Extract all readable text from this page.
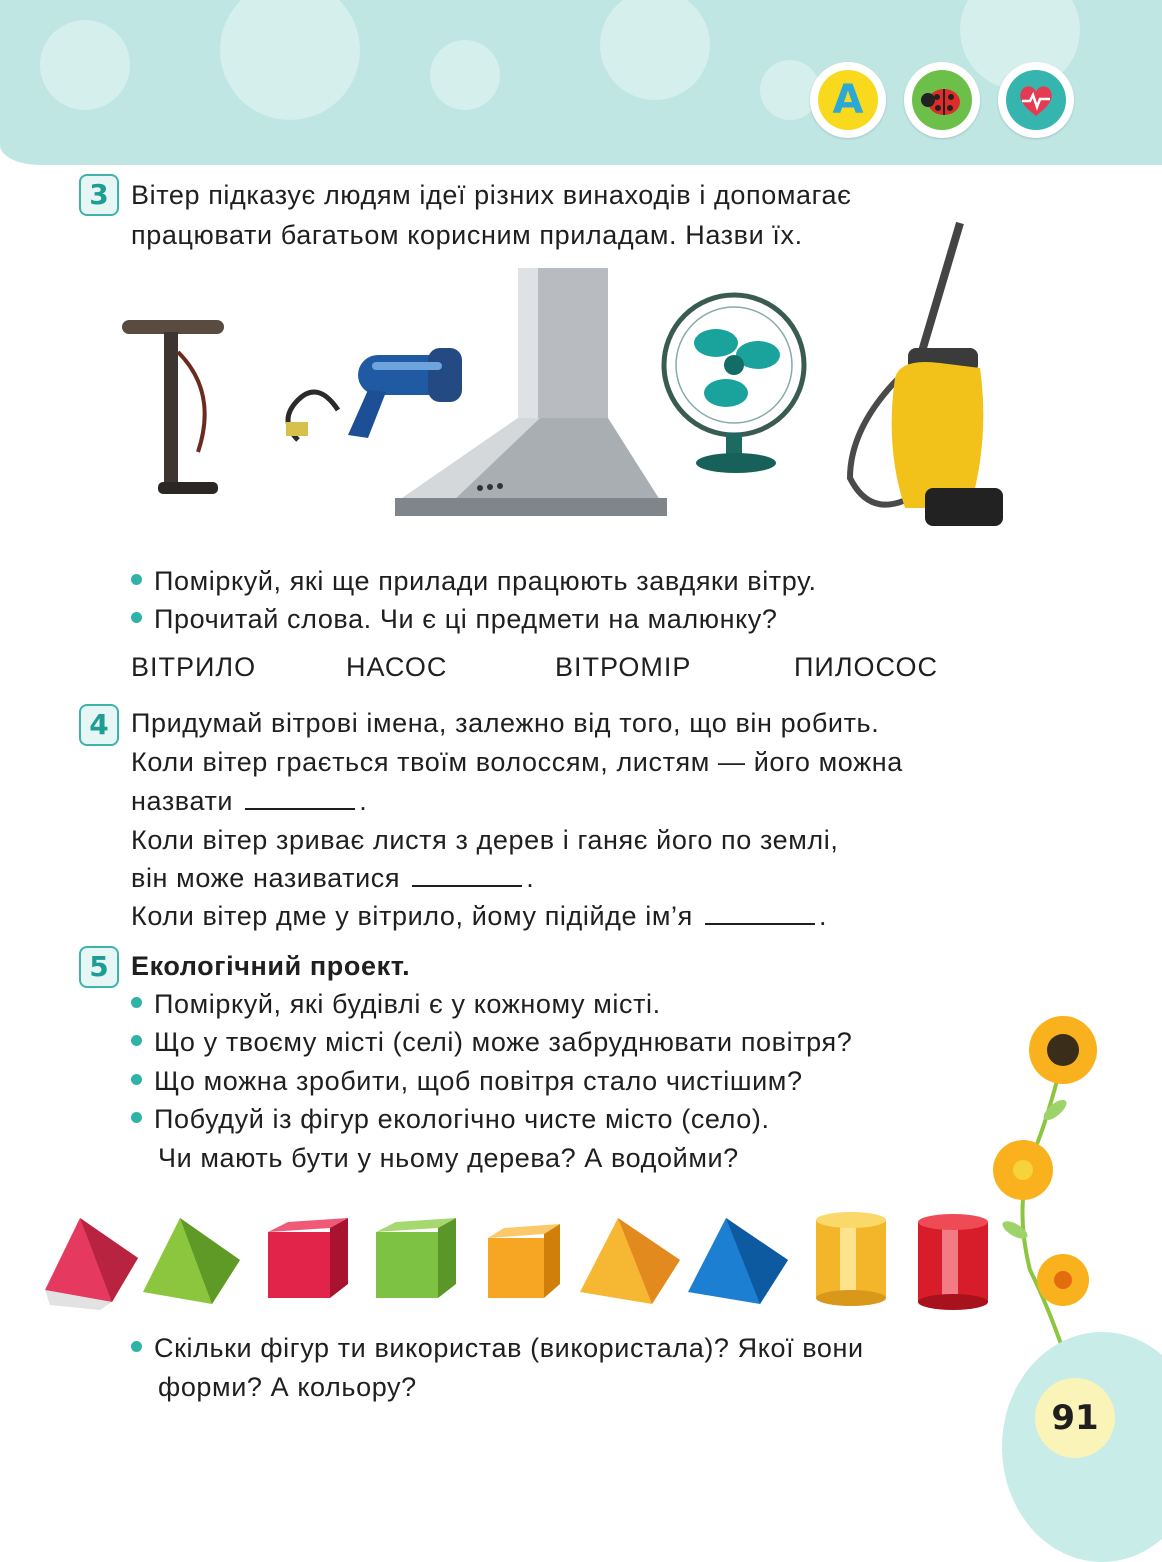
A
3 Вітер підказує людям ідеї різних винаходів і допомагає
працювати багатьом корисним приладам. Назви їх.
Поміркуй, які ще прилади працюють завдяки вітру.
Прочитай слова. Чи є ці предмети на малюнку?
ВІТРИЛО	НАСОС	ВІТРОМІР	ПИЛОСОС
4 Придумай вітрові імена, залежно від того, що він робить.
Коли вітер грається твоїм волоссям, листям — його можна
назвати	.
Коли вітер зриває листя з дерев і ганяє його по землі,
він може називатися	.
Коли вітер дме у вітрило, йому підійде ім’я	.
5 Екологічний проект.
Поміркуй, які будівлі є у кожному місті.
Що у твоєму місті (селі) може забруднювати повітря?
Що можна зробити, щоб повітря стало чистішим?
Побудуй із фігур екологічно чисте місто (село).
Чи мають бути у ньому дерева? А водойми?
Скільки фігур ти використав (використала)? Якої вони
форми? А кольору?
91
